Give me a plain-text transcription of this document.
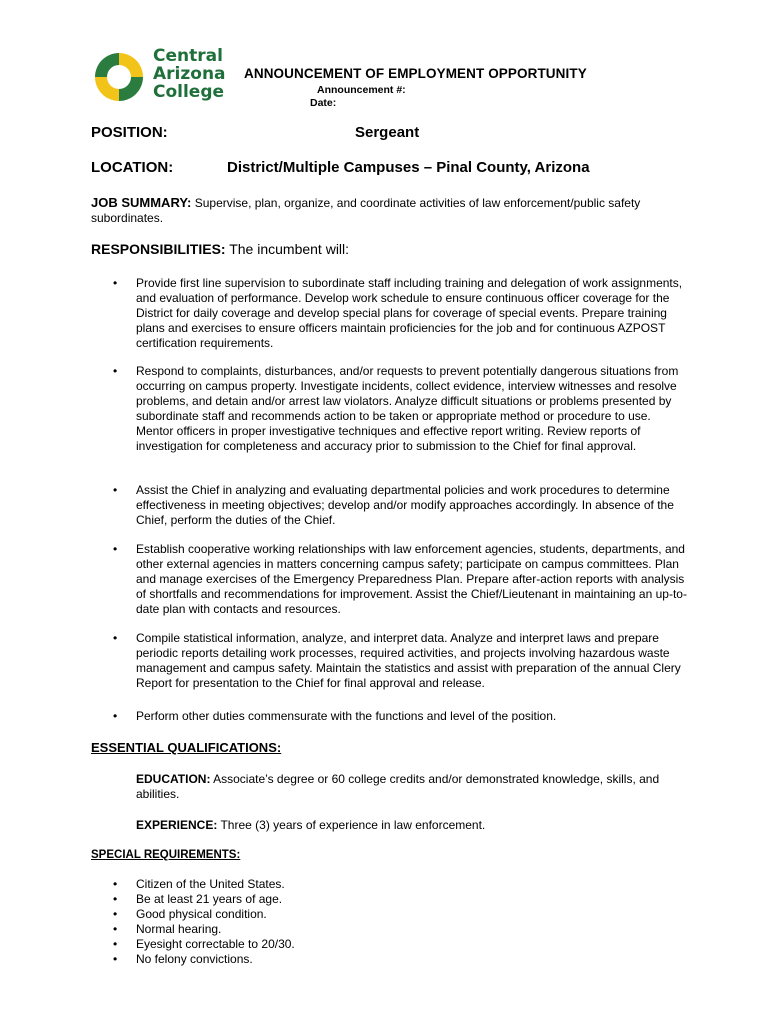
Central
Arizona
College
ANNOUNCEMENT OF EMPLOYMENT OPPORTUNITY
Announcement #:
Date:
POSITION:	Sergeant
LOCATION:	District/Multiple Campuses – Pinal County, Arizona
JOB SUMMARY: Supervise, plan, organize, and coordinate activities of law enforcement/public safety subordinates.
RESPONSIBILITIES: The incumbent will:
• Provide first line supervision to subordinate staff including training and delegation of work assignments, and evaluation of performance. Develop work schedule to ensure continuous officer coverage for the District for daily coverage and develop special plans for coverage of special events. Prepare training plans and exercises to ensure officers maintain proficiencies for the job and for continuous AZPOST certification requirements.
• Respond to complaints, disturbances, and/or requests to prevent potentially dangerous situations from occurring on campus property. Investigate incidents, collect evidence, interview witnesses and resolve problems, and detain and/or arrest law violators. Analyze difficult situations or problems presented by subordinate staff and recommends action to be taken or appropriate method or procedure to use. Mentor officers in proper investigative techniques and effective report writing. Review reports of investigation for completeness and accuracy prior to submission to the Chief for final approval.
• Assist the Chief in analyzing and evaluating departmental policies and work procedures to determine effectiveness in meeting objectives; develop and/or modify approaches accordingly. In absence of the Chief, perform the duties of the Chief.
• Establish cooperative working relationships with law enforcement agencies, students, departments, and other external agencies in matters concerning campus safety; participate on campus committees. Plan and manage exercises of the Emergency Preparedness Plan. Prepare after-action reports with analysis of shortfalls and recommendations for improvement. Assist the Chief/Lieutenant in maintaining an up-to-date plan with contacts and resources.
• Compile statistical information, analyze, and interpret data. Analyze and interpret laws and prepare periodic reports detailing work processes, required activities, and projects involving hazardous waste management and campus safety. Maintain the statistics and assist with preparation of the annual Clery Report for presentation to the Chief for final approval and release.
• Perform other duties commensurate with the functions and level of the position.
ESSENTIAL QUALIFICATIONS:
EDUCATION: Associate’s degree or 60 college credits and/or demonstrated knowledge, skills, and abilities.
EXPERIENCE: Three (3) years of experience in law enforcement.
SPECIAL REQUIREMENTS:
• Citizen of the United States.
• Be at least 21 years of age.
• Good physical condition.
• Normal hearing.
• Eyesight correctable to 20/30.
• No felony convictions.
